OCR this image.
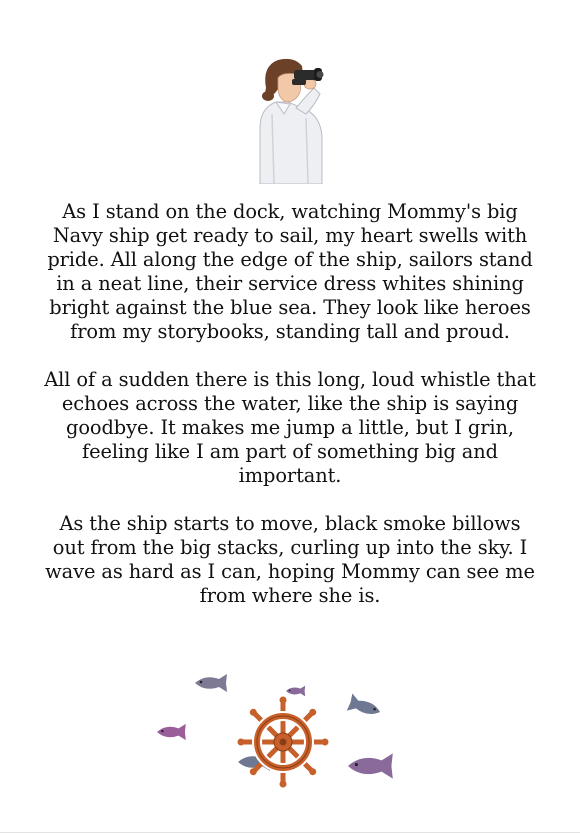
As I stand on the dock, watching Mommy's big Navy ship get ready to sail, my heart swells with pride. All along the edge of the ship, sailors stand in a neat line, their service dress whites shining bright against the blue sea. They look like heroes from my storybooks, standing tall and proud.

All of a sudden there is this long, loud whistle that echoes across the water, like the ship is saying goodbye. It makes me jump a little, but I grin, feeling like I am part of something big and important.

As the ship starts to move, black smoke billows out from the big stacks, curling up into the sky. I wave as hard as I can, hoping Mommy can see me from where she is.
